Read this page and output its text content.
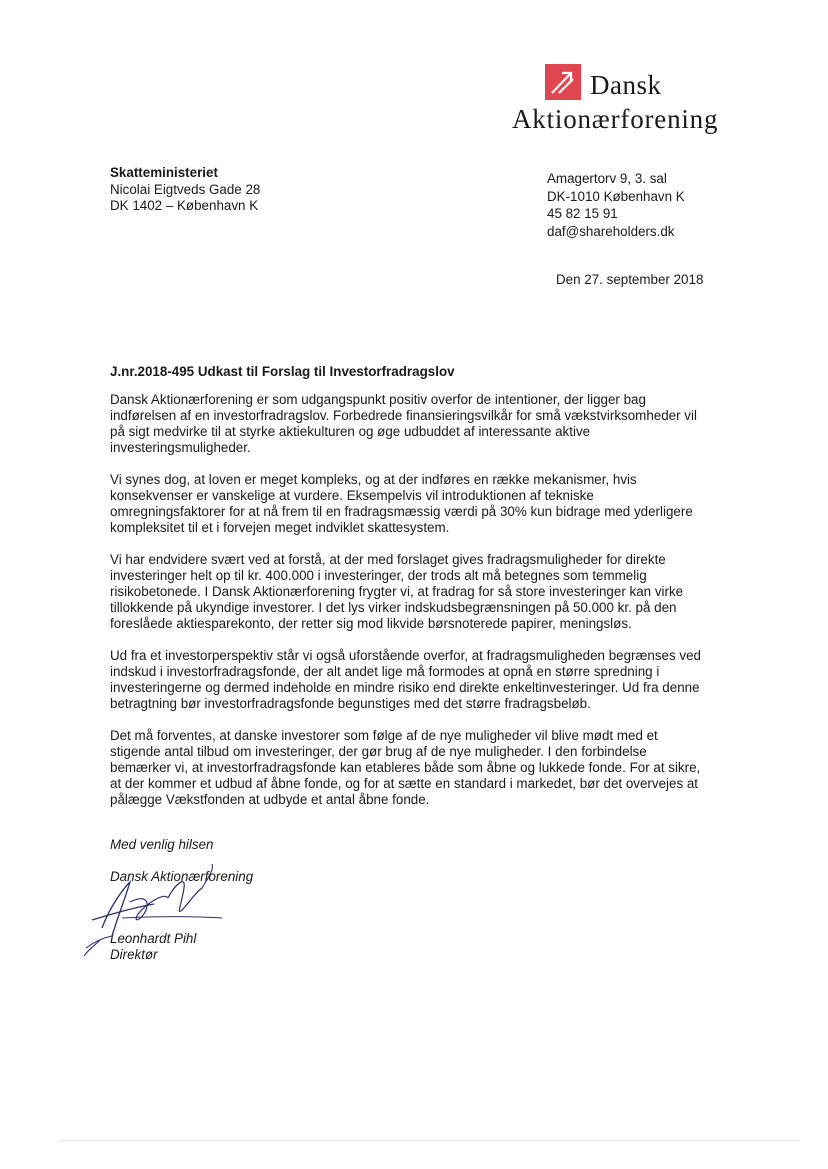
Dansk
Aktionærforening
Skatteministeriet
Nicolai Eigtveds Gade 28
DK 1402 – København K
Amagertorv 9, 3. sal
DK-1010 København K
45 82 15 91
daf@shareholders.dk
Den 27. september 2018
J.nr.2018-495 Udkast til Forslag til Investorfradragslov

Dansk Aktionærforening er som udgangspunkt positiv overfor de intentioner, der ligger bag indførelsen af en investorfradragslov. Forbedrede finansieringsvilkår for små vækstvirksomheder vil på sigt medvirke til at styrke aktiekulturen og øge udbuddet af interessante aktive investeringsmuligheder.

Vi synes dog, at loven er meget kompleks, og at der indføres en række mekanismer, hvis konsekvenser er vanskelige at vurdere. Eksempelvis vil introduktionen af tekniske omregningsfaktorer for at nå frem til en fradragsmæssig værdi på 30% kun bidrage med yderligere kompleksitet til et i forvejen meget indviklet skattesystem.

Vi har endvidere svært ved at forstå, at der med forslaget gives fradragsmuligheder for direkte investeringer helt op til kr. 400.000 i investeringer, der trods alt må betegnes som temmelig risikobetonede. I Dansk Aktionærforening frygter vi, at fradrag for så store investeringer kan virke tillokkende på ukyndige investorer. I det lys virker indskudsbegrænsningen på 50.000 kr. på den foreslåede aktiesparekonto, der retter sig mod likvide børsnoterede papirer, meningsløs.

Ud fra et investorperspektiv står vi også uforstående overfor, at fradragsmuligheden begrænses ved indskud i investorfradragsfonde, der alt andet lige må formodes at opnå en større spredning i investeringerne og dermed indeholde en mindre risiko end direkte enkeltinvesteringer. Ud fra denne betragtning bør investorfradragsfonde begunstiges med det større fradragsbeløb.

Det må forventes, at danske investorer som følge af de nye muligheder vil blive mødt med et stigende antal tilbud om investeringer, der gør brug af de nye muligheder. I den forbindelse bemærker vi, at investorfradragsfonde kan etableres både som åbne og lukkede fonde. For at sikre, at der kommer et udbud af åbne fonde, og for at sætte en standard i markedet, bør det overvejes at pålægge Vækstfonden at udbyde et antal åbne fonde.

Med venlig hilsen
Dansk Aktionærforening
Leonhardt Pihl
Direktør
